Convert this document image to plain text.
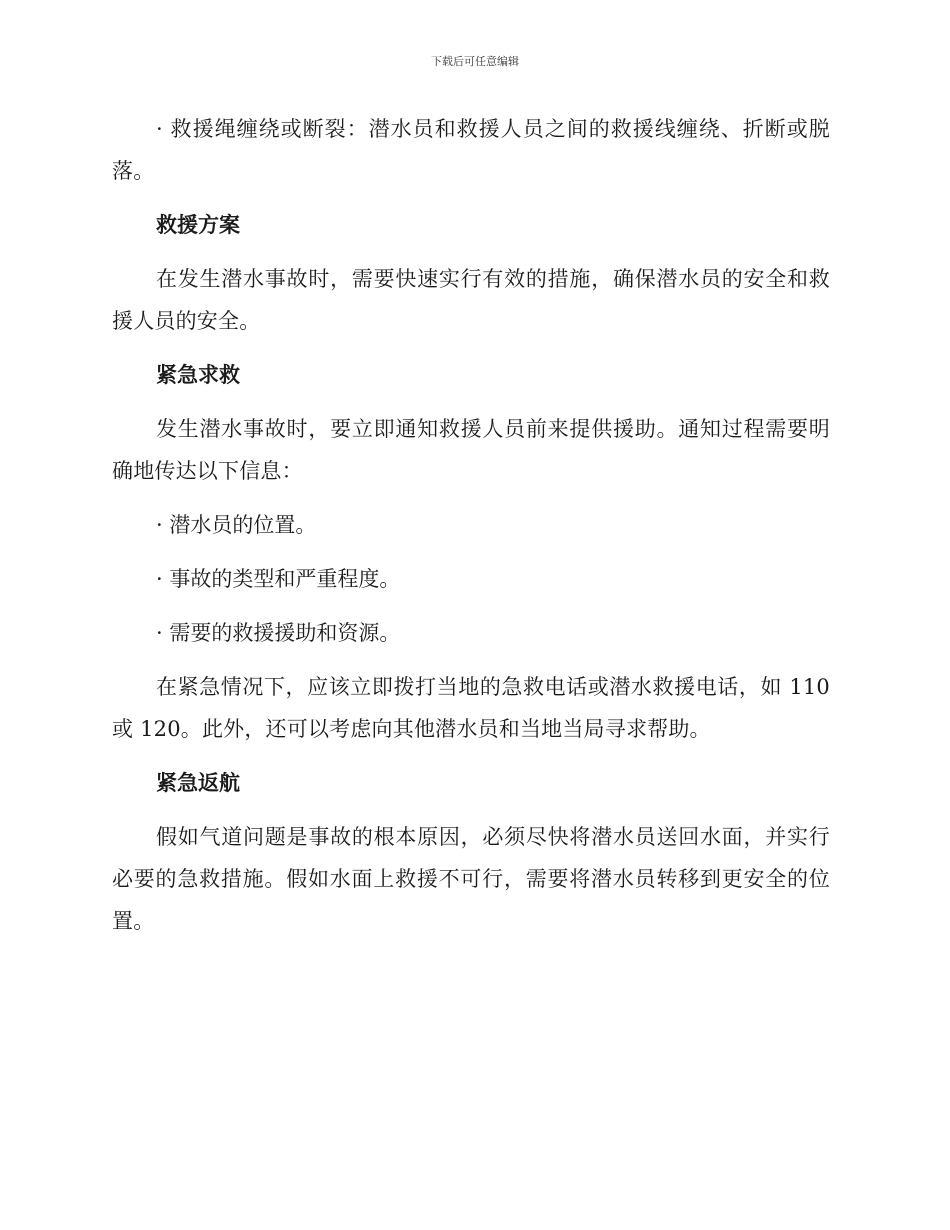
下载后可任意编辑

· 救援绳缠绕或断裂：潜水员和救援人员之间的救援线缠绕、折断或脱落。

救援方案

在发生潜水事故时，需要快速实行有效的措施，确保潜水员的安全和救援人员的安全。

紧急求救

发生潜水事故时，要立即通知救援人员前来提供援助。通知过程需要明确地传达以下信息：

· 潜水员的位置。
· 事故的类型和严重程度。
· 需要的救援援助和资源。

在紧急情况下，应该立即拨打当地的急救电话或潜水救援电话，如 110 或 120。此外，还可以考虑向其他潜水员和当地当局寻求帮助。

紧急返航

假如气道问题是事故的根本原因，必须尽快将潜水员送回水面，并实行必要的急救措施。假如水面上救援不可行，需要将潜水员转移到更安全的位置。
